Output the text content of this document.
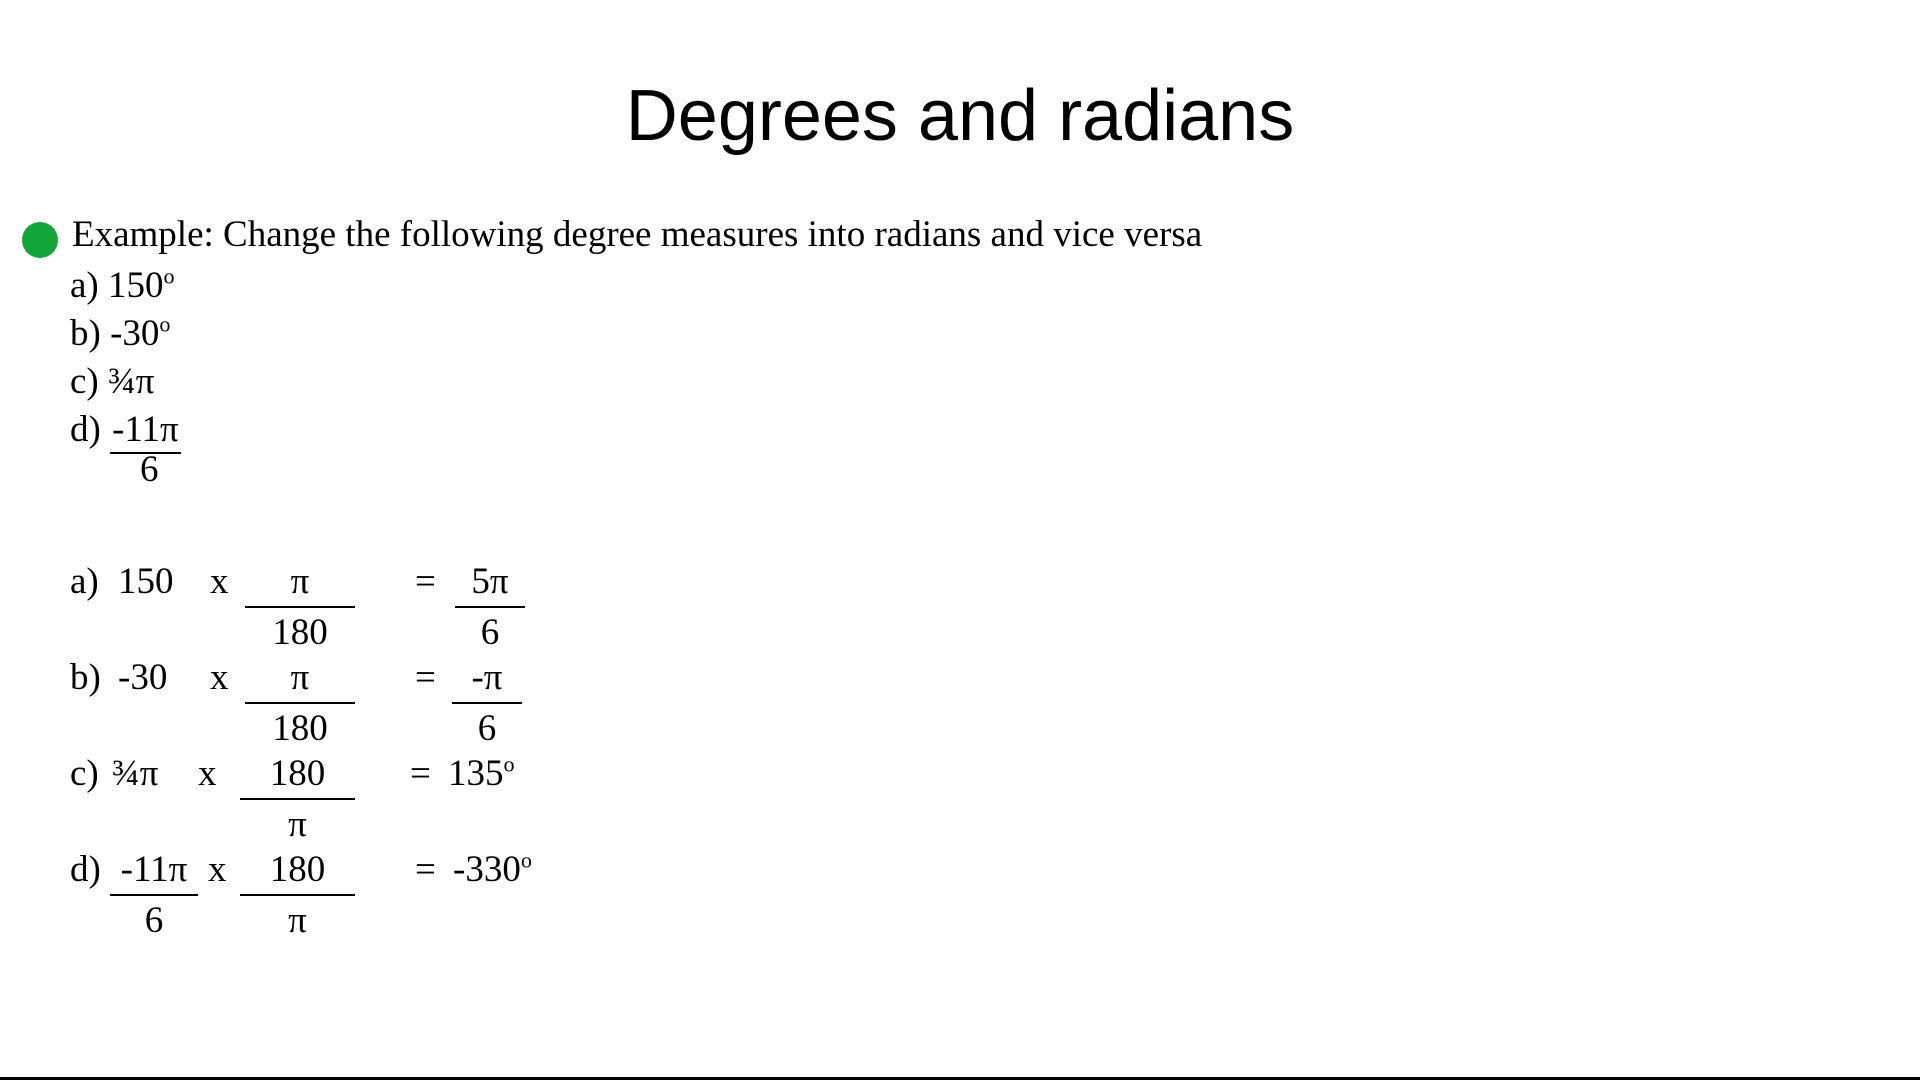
Degrees and radians
Example: Change the following degree measures into radians and vice versa
a) 150$^o$
b) -30$^o$
c) ¾π
d) -11π
6
a) 150 x $\frac{\pi}{180} = \frac{5\pi}{6}$
b) -30 x $\frac{\pi}{180} = \frac{-\pi}{6}$
c) ¾π x $\frac{180}{\pi} = 135^o$
$d) \frac{-11\pi}{6}$ x $\frac{180}{\pi} = -330^o$
